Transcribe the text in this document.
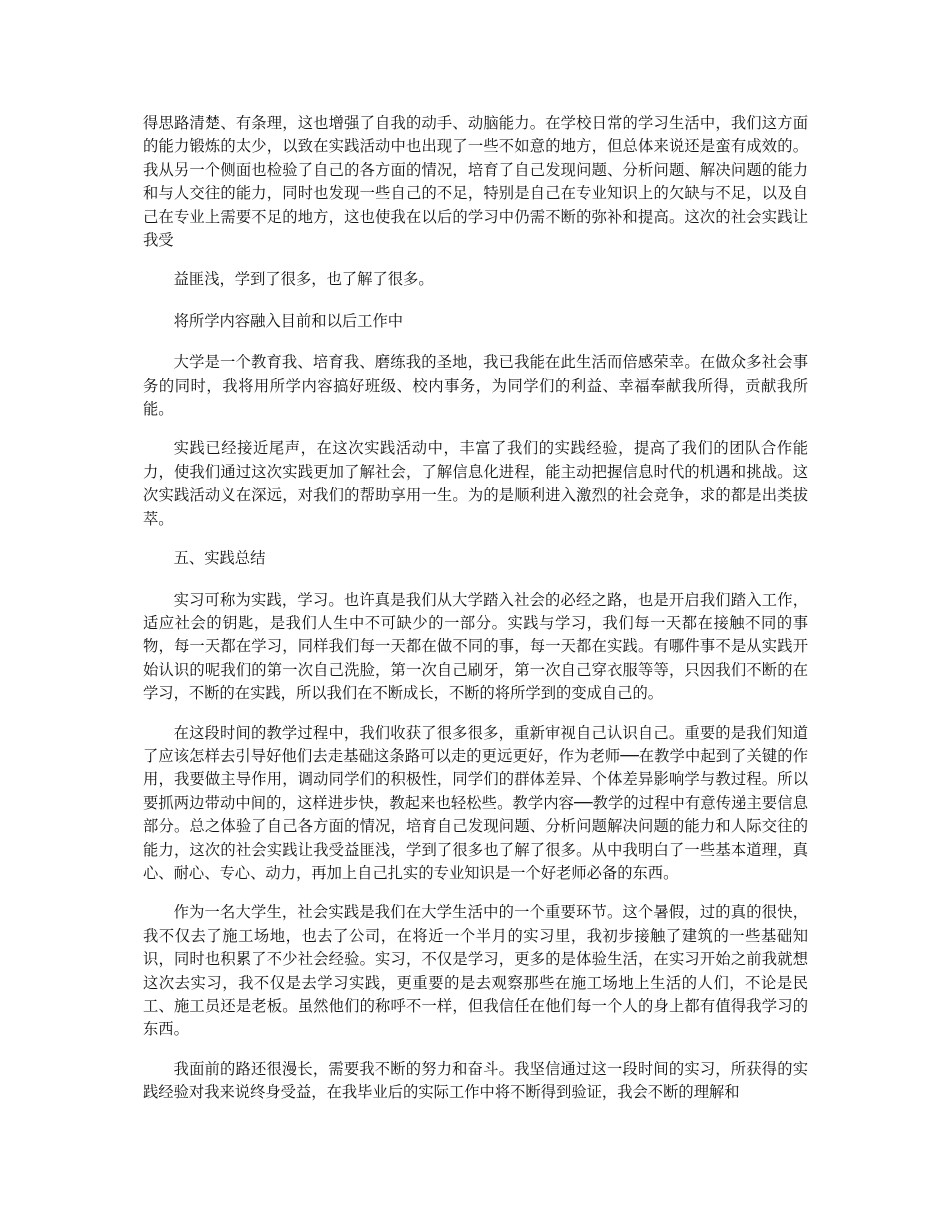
得思路清楚、有条理，这也增强了自我的动手、动脑能力。在学校日常的学习生活中，我们这方面的能力锻炼的太少，以致在实践活动中也出现了一些不如意的地方，但总体来说还是蛮有成效的。我从另一个侧面也检验了自己的各方面的情况，培育了自己发现问题、分析问题、解决问题的能力和与人交往的能力，同时也发现一些自己的不足，特别是自己在专业知识上的欠缺与不足，以及自己在专业上需要不足的地方，这也使我在以后的学习中仍需不断的弥补和提高。这次的社会实践让我受

益匪浅，学到了很多，也了解了很多。

将所学内容融入目前和以后工作中

大学是一个教育我、培育我、磨练我的圣地，我已我能在此生活而倍感荣幸。在做众多社会事务的同时，我将用所学内容搞好班级、校内事务，为同学们的利益、幸福奉献我所得，贡献我所能。

实践已经接近尾声，在这次实践活动中，丰富了我们的实践经验，提高了我们的团队合作能力，使我们通过这次实践更加了解社会，了解信息化进程，能主动把握信息时代的机遇和挑战。这次实践活动义在深远，对我们的帮助享用一生。为的是顺利进入激烈的社会竞争，求的都是出类拔萃。

五、实践总结

实习可称为实践，学习。也许真是我们从大学踏入社会的必经之路，也是开启我们踏入工作，适应社会的钥匙，是我们人生中不可缺少的一部分。实践与学习，我们每一天都在接触不同的事物，每一天都在学习，同样我们每一天都在做不同的事，每一天都在实践。有哪件事不是从实践开始认识的呢我们的第一次自己洗脸，第一次自己刷牙，第一次自己穿衣服等等，只因我们不断的在学习，不断的在实践，所以我们在不断成长，不断的将所学到的变成自己的。

在这段时间的教学过程中，我们收获了很多很多，重新审视自己认识自己。重要的是我们知道了应该怎样去引导好他们去走基础这条路可以走的更远更好，作为老师──在教学中起到了关键的作用，我要做主导作用，调动同学们的积极性，同学们的群体差异、个体差异影响学与教过程。所以要抓两边带动中间的，这样进步快，教起来也轻松些。教学内容──教学的过程中有意传递主要信息部分。总之体验了自己各方面的情况，培育自己发现问题、分析问题解决问题的能力和人际交往的能力，这次的社会实践让我受益匪浅，学到了很多也了解了很多。从中我明白了一些基本道理，真心、耐心、专心、动力，再加上自己扎实的专业知识是一个好老师必备的东西。

作为一名大学生，社会实践是我们在大学生活中的一个重要环节。这个暑假，过的真的很快，我不仅去了施工场地，也去了公司，在将近一个半月的实习里，我初步接触了建筑的一些基础知识，同时也积累了不少社会经验。实习，不仅是学习，更多的是体验生活，在实习开始之前我就想这次去实习，我不仅是去学习实践，更重要的是去观察那些在施工场地上生活的人们，不论是民工、施工员还是老板。虽然他们的称呼不一样，但我信任在他们每一个人的身上都有值得我学习的东西。

我面前的路还很漫长，需要我不断的努力和奋斗。我坚信通过这一段时间的实习，所获得的实践经验对我来说终身受益，在我毕业后的实际工作中将不断得到验证，我会不断的理解和
